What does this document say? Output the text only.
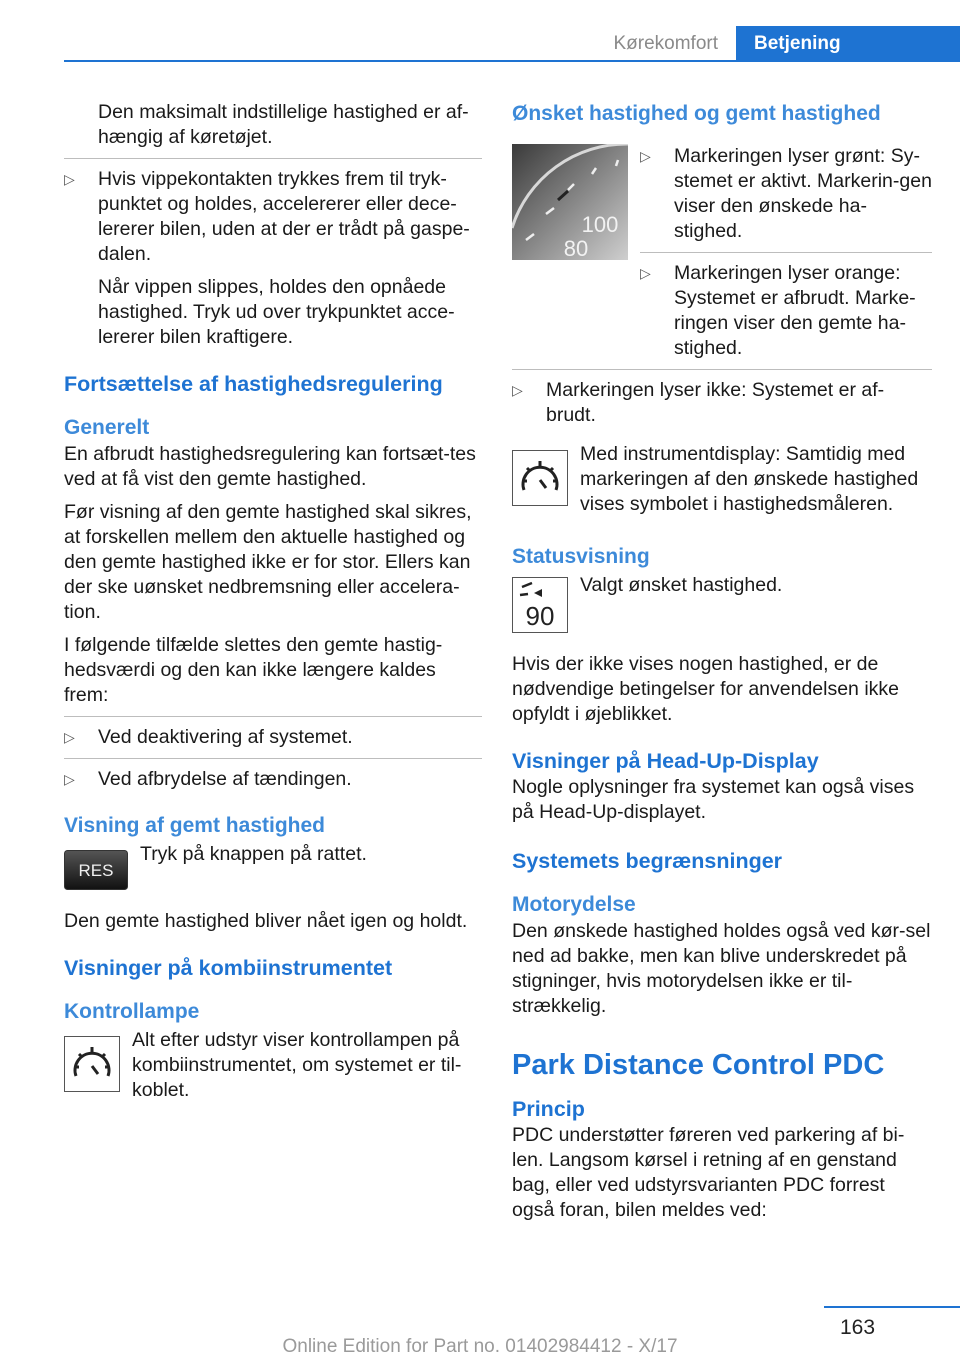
Kørekomfort	Betjening

Den maksimalt indstillelige hastighed er af-hængig af køretøjet.

▷	Hvis vippekontakten trykkes frem til tryk-punktet og holdes, accelererer eller dece-lererer bilen, uden at der er trådt på gaspe-dalen.

Når vippen slippes, holdes den opnåede hastighed. Tryk ud over trykpunktet acce-lererer bilen kraftigere.

Fortsættelse af hastighedsregulering
Generelt

En afbrudt hastighedsregulering kan fortsæt-tes ved at få vist den gemte hastighed.

Før visning af den gemte hastighed skal sikres, at forskellen mellem den aktuelle hastighed og den gemte hastighed ikke er for stor. Ellers kan der ske uønsket nedbremsning eller accelera-tion.

I følgende tilfælde slettes den gemte hastig-hedsværdi og den kan ikke længere kaldes frem:

▷	Ved deaktivering af systemet.
▷	Ved afbrydelse af tændingen.
Visning af gemt hastighed
RES

Tryk på knappen på rattet.

Den gemte hastighed bliver nået igen og holdt.

Visninger på kombiinstrumentet
Kontrollampe

Alt efter udstyr viser kontrollampen på kombiinstrumentet, om systemet er til-koblet.

Ønsket hastighed og gemt hastighed
100
80
▷	Markeringen lyser grønt: Sy-stemet er aktivt. Markerin-gen viser den ønskede ha-stighed.
▷	Markeringen lyser orange: Systemet er afbrudt. Marke-ringen viser den gemte ha-stighed.
▷	Markeringen lyser ikke: Systemet er af-brudt.

Med instrumentdisplay: Samtidig med markeringen af den ønskede hastighed vises symbolet i hastighedsmåleren.

Statusvisning
90

Valgt ønsket hastighed.

Hvis der ikke vises nogen hastighed, er de nødvendige betingelser for anvendelsen ikke opfyldt i øjeblikket.

Visninger på Head-Up-Display

Nogle oplysninger fra systemet kan også vises på Head-Up-displayet.

Systemets begrænsninger
Motorydelse

Den ønskede hastighed holdes også ved kør-sel ned ad bakke, men kan blive underskredet på stigninger, hvis motorydelsen ikke er til-strækkelig.

Park Distance Control PDC
Princip

PDC understøtter føreren ved parkering af bi-len. Langsom kørsel i retning af en genstand bag, eller ved udstyrsvarianten PDC forrest også foran, bilen meldes ved:

163
Online Edition for Part no. 01402984412 - X/17
